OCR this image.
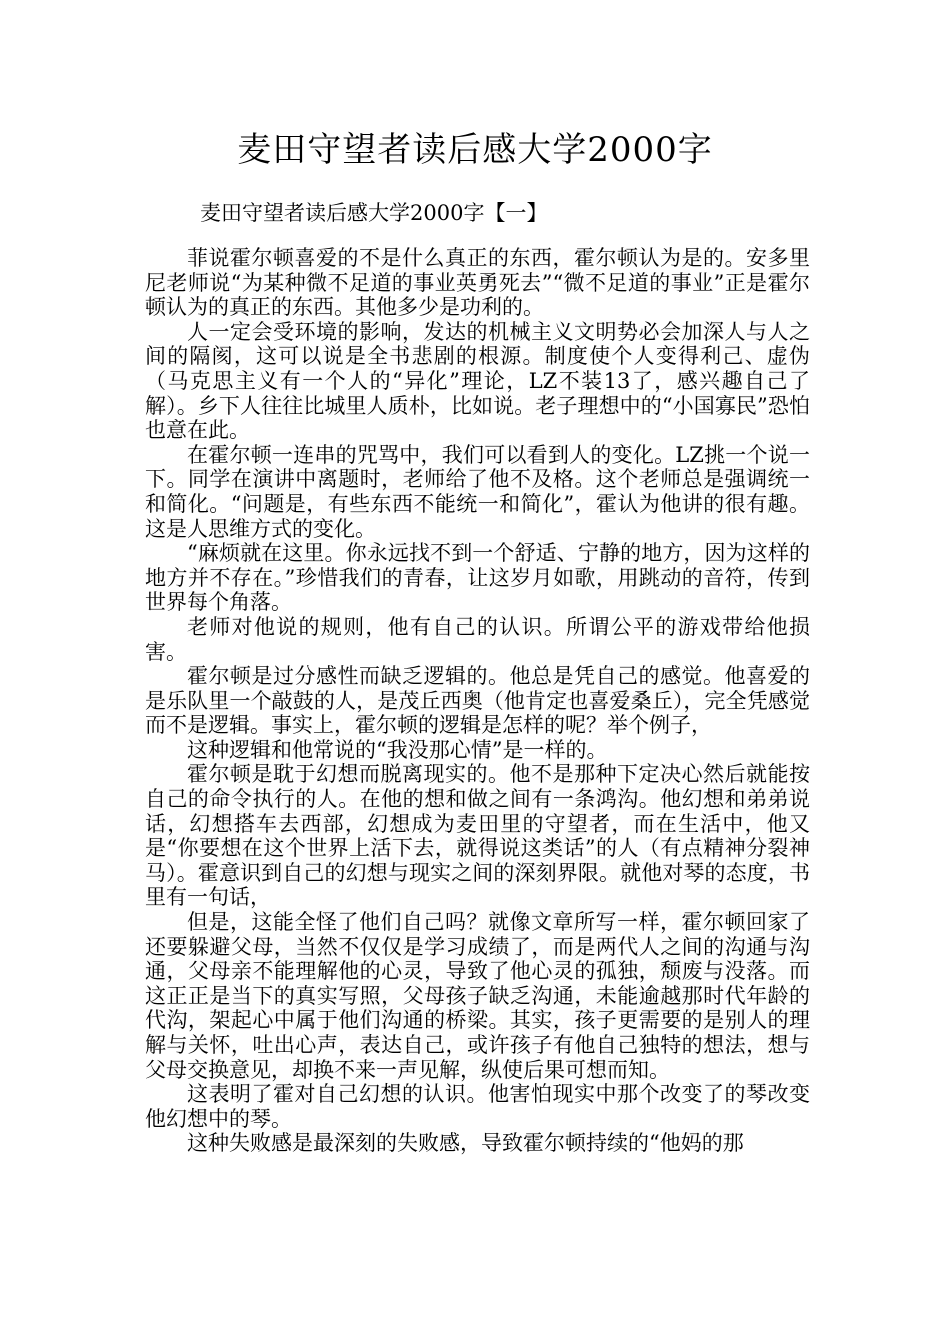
麦田守望者读后感大学2000字
麦田守望者读后感大学2000字【一】

菲说霍尔顿喜爱的不是什么真正的东西，霍尔顿认为是的。安多里尼老师说“为某种微不足道的事业英勇死去”“微不足道的事业”正是霍尔顿认为的真正的东西。其他多少是功利的。

人一定会受环境的影响，发达的机械主义文明势必会加深人与人之间的隔阂，这可以说是全书悲剧的根源。制度使个人变得利己、虚伪（马克思主义有一个人的“异化”理论，LZ不装13了，感兴趣自己了解）。乡下人往往比城里人质朴，比如说。老子理想中的“小国寡民”恐怕也意在此。

在霍尔顿一连串的咒骂中，我们可以看到人的变化。LZ挑一个说一下。同学在演讲中离题时，老师给了他不及格。这个老师总是强调统一和简化。“问题是，有些东西不能统一和简化”，霍认为他讲的很有趣。这是人思维方式的变化。

“麻烦就在这里。你永远找不到一个舒适、宁静的地方，因为这样的地方并不存在。”珍惜我们的青春，让这岁月如歌，用跳动的音符，传到世界每个角落。

老师对他说的规则，他有自己的认识。所谓公平的游戏带给他损害。

霍尔顿是过分感性而缺乏逻辑的。他总是凭自己的感觉。他喜爱的是乐队里一个敲鼓的人，是茂丘西奥（他肯定也喜爱桑丘），完全凭感觉而不是逻辑。事实上，霍尔顿的逻辑是怎样的呢？举个例子，

这种逻辑和他常说的“我没那心情”是一样的。

霍尔顿是耽于幻想而脱离现实的。他不是那种下定决心然后就能按自己的命令执行的人。在他的想和做之间有一条鸿沟。他幻想和弟弟说话，幻想搭车去西部，幻想成为麦田里的守望者，而在生活中，他又是“你要想在这个世界上活下去，就得说这类话”的人（有点精神分裂神马）。霍意识到自己的幻想与现实之间的深刻界限。就他对琴的态度，书里有一句话，

但是，这能全怪了他们自己吗？就像文章所写一样，霍尔顿回家了还要躲避父母，当然不仅仅是学习成绩了，而是两代人之间的沟通与沟通，父母亲不能理解他的心灵，导致了他心灵的孤独，颓废与没落。而这正正是当下的真实写照，父母孩子缺乏沟通，未能逾越那时代年龄的代沟，架起心中属于他们沟通的桥梁。其实，孩子更需要的是别人的理解与关怀，吐出心声，表达自己，或许孩子有他自己独特的想法，想与父母交换意见，却换不来一声见解，纵使后果可想而知。

这表明了霍对自己幻想的认识。他害怕现实中那个改变了的琴改变他幻想中的琴。

这种失败感是最深刻的失败感，导致霍尔顿持续的“他妈的那
